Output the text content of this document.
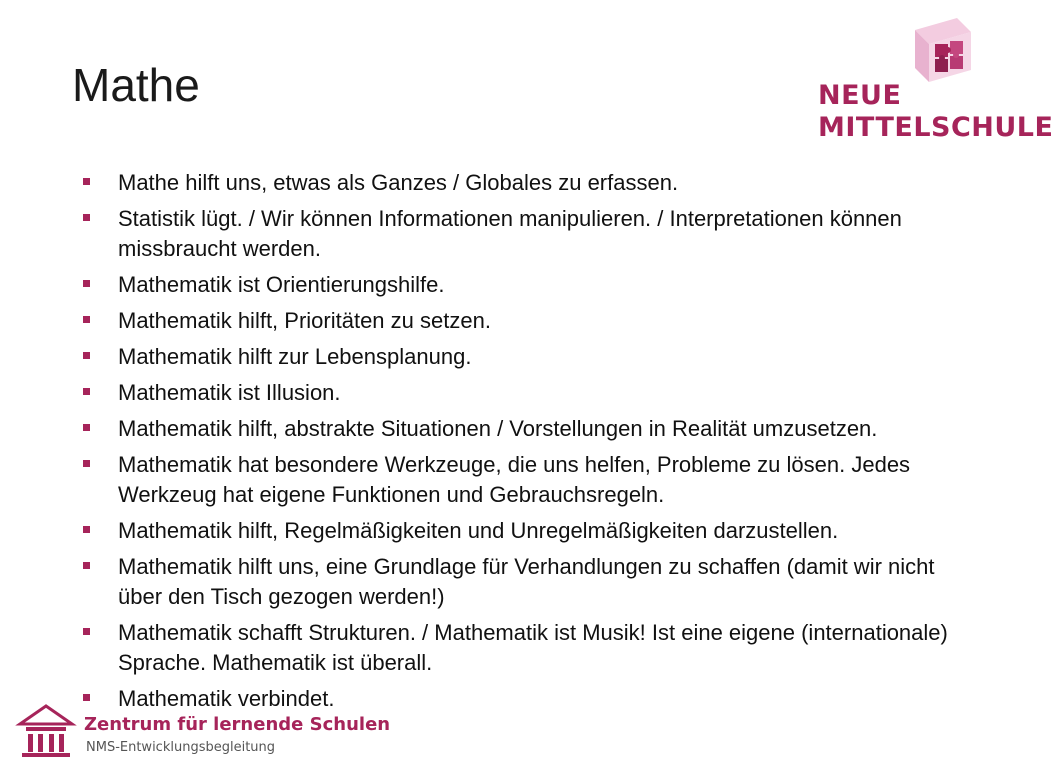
Mathe	NEUE
MITTELSCHULE
Mathe hilft uns, etwas als Ganzes / Globales zu erfassen.
Statistik lügt. / Wir können Informationen manipulieren. / Interpretationen können missbraucht werden.
Mathematik ist Orientierungshilfe.
Mathematik hilft, Prioritäten zu setzen.
Mathematik hilft zur Lebensplanung.
Mathematik ist Illusion.
Mathematik hilft, abstrakte Situationen / Vorstellungen in Realität umzusetzen.
Mathematik hat besondere Werkzeuge, die uns helfen, Probleme zu lösen. Jedes Werkzeug hat eigene Funktionen und Gebrauchsregeln.
Mathematik hilft, Regelmäßigkeiten und Unregelmäßigkeiten darzustellen.
Mathematik hilft uns, eine Grundlage für Verhandlungen zu schaffen (damit wir nicht über den Tisch gezogen werden!)
Mathematik schafft Strukturen. / Mathematik ist Musik! Ist eine eigene (internationale) Sprache. Mathematik ist überall.
Mathematik verbindet.
Zentrum für lernende Schulen
NMS-Entwicklungsbegleitung
